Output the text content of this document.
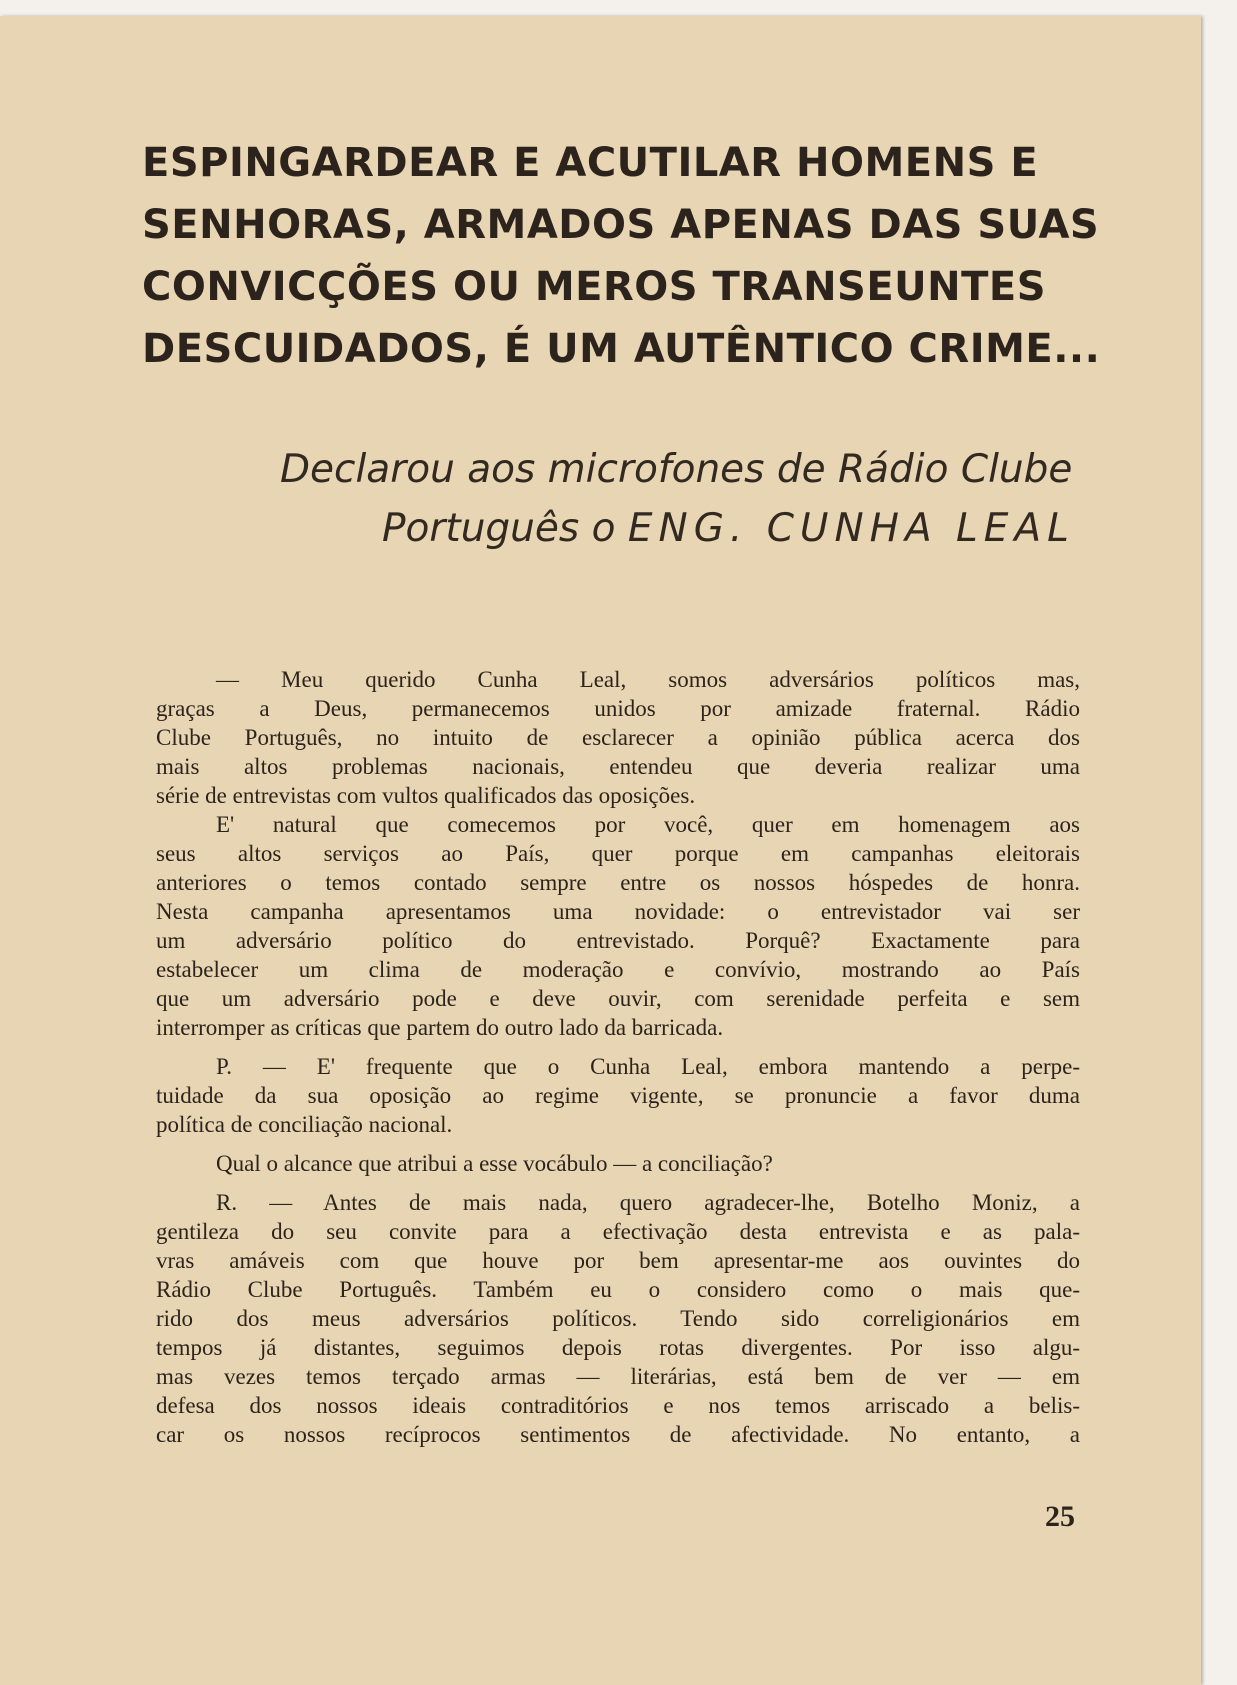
ESPINGARDEAR E ACUTILAR HOMENS E
SENHORAS, ARMADOS APENAS DAS SUAS
CONVICÇÕES OU MEROS TRANSEUNTES
DESCUIDADOS, É UM AUTÊNTICO CRIME...
Declarou aos microfones de Rádio Clube
Português o ENG. CUNHA LEAL

— Meu querido Cunha Leal, somos adversários políticos mas,
graças a Deus, permanecemos unidos por amizade fraternal. Rádio
Clube Português, no intuito de esclarecer a opinião pública acerca dos
mais altos problemas nacionais, entendeu que deveria realizar uma
série de entrevistas com vultos qualificados das oposições.

E' natural que comecemos por você, quer em homenagem aos
seus altos serviços ao País, quer porque em campanhas eleitorais
anteriores o temos contado sempre entre os nossos hóspedes de honra.
Nesta campanha apresentamos uma novidade: o entrevistador vai ser
um adversário político do entrevistado. Porquê? Exactamente para
estabelecer um clima de moderação e convívio, mostrando ao País
que um adversário pode e deve ouvir, com serenidade perfeita e sem
interromper as críticas que partem do outro lado da barricada.

P. — E' frequente que o Cunha Leal, embora mantendo a perpe-
tuidade da sua oposição ao regime vigente, se pronuncie a favor duma
política de conciliação nacional.

Qual o alcance que atribui a esse vocábulo — a conciliação?

R. — Antes de mais nada, quero agradecer-lhe, Botelho Moniz, a
gentileza do seu convite para a efectivação desta entrevista e as pala-
vras amáveis com que houve por bem apresentar-me aos ouvintes do
Rádio Clube Português. Também eu o considero como o mais que-
rido dos meus adversários políticos. Tendo sido correligionários em
tempos já distantes, seguimos depois rotas divergentes. Por isso algu-
mas vezes temos terçado armas — literárias, está bem de ver — em
defesa dos nossos ideais contraditórios e nos temos arriscado a belis-
car os nossos recíprocos sentimentos de afectividade. No entanto, a

25
